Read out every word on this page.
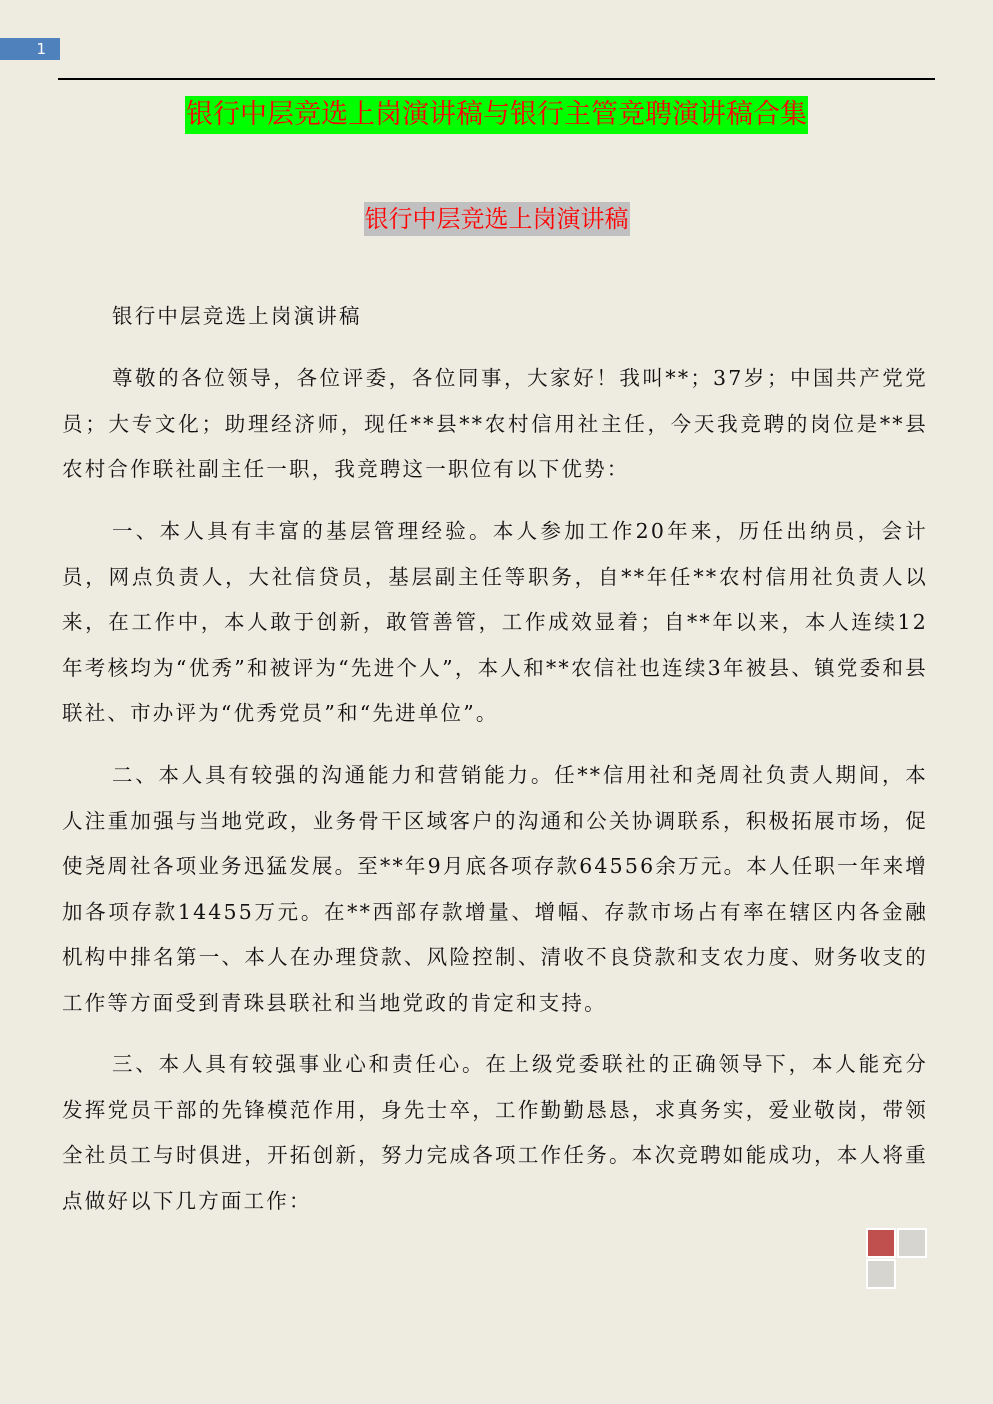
1
银行中层竞选上岗演讲稿与银行主管竞聘演讲稿合集
银行中层竞选上岗演讲稿

银行中层竞选上岗演讲稿

尊敬的各位领导，各位评委，各位同事，大家好！我叫**；37岁；中国共产党党员；大专文化；助理经济师，现任**县**农村信用社主任，今天我竞聘的岗位是**县农村合作联社副主任一职，我竞聘这一职位有以下优势：

一、本人具有丰富的基层管理经验。本人参加工作20年来，历任出纳员，会计员，网点负责人，大社信贷员，基层副主任等职务，自**年任**农村信用社负责人以来，在工作中，本人敢于创新，敢管善管，工作成效显着；自**年以来，本人连续12年考核均为“优秀”和被评为“先进个人”，本人和**农信社也连续3年被县、镇党委和县联社、市办评为“优秀党员”和“先进单位”。

二、本人具有较强的沟通能力和营销能力。任**信用社和尧周社负责人期间，本人注重加强与当地党政，业务骨干区域客户的沟通和公关协调联系，积极拓展市场，促使尧周社各项业务迅猛发展。至**年9月底各项存款64556余万元。本人任职一年来增加各项存款14455万元。在**西部存款增量、增幅、存款市场占有率在辖区内各金融机构中排名第一、本人在办理贷款、风险控制、清收不良贷款和支农力度、财务收支的工作等方面受到青珠县联社和当地党政的肯定和支持。

三、本人具有较强事业心和责任心。在上级党委联社的正确领导下，本人能充分发挥党员干部的先锋模范作用，身先士卒，工作勤勤恳恳，求真务实，爱业敬岗，带领全社员工与时俱进，开拓创新，努力完成各项工作任务。本次竞聘如能成功，本人将重点做好以下几方面工作：
